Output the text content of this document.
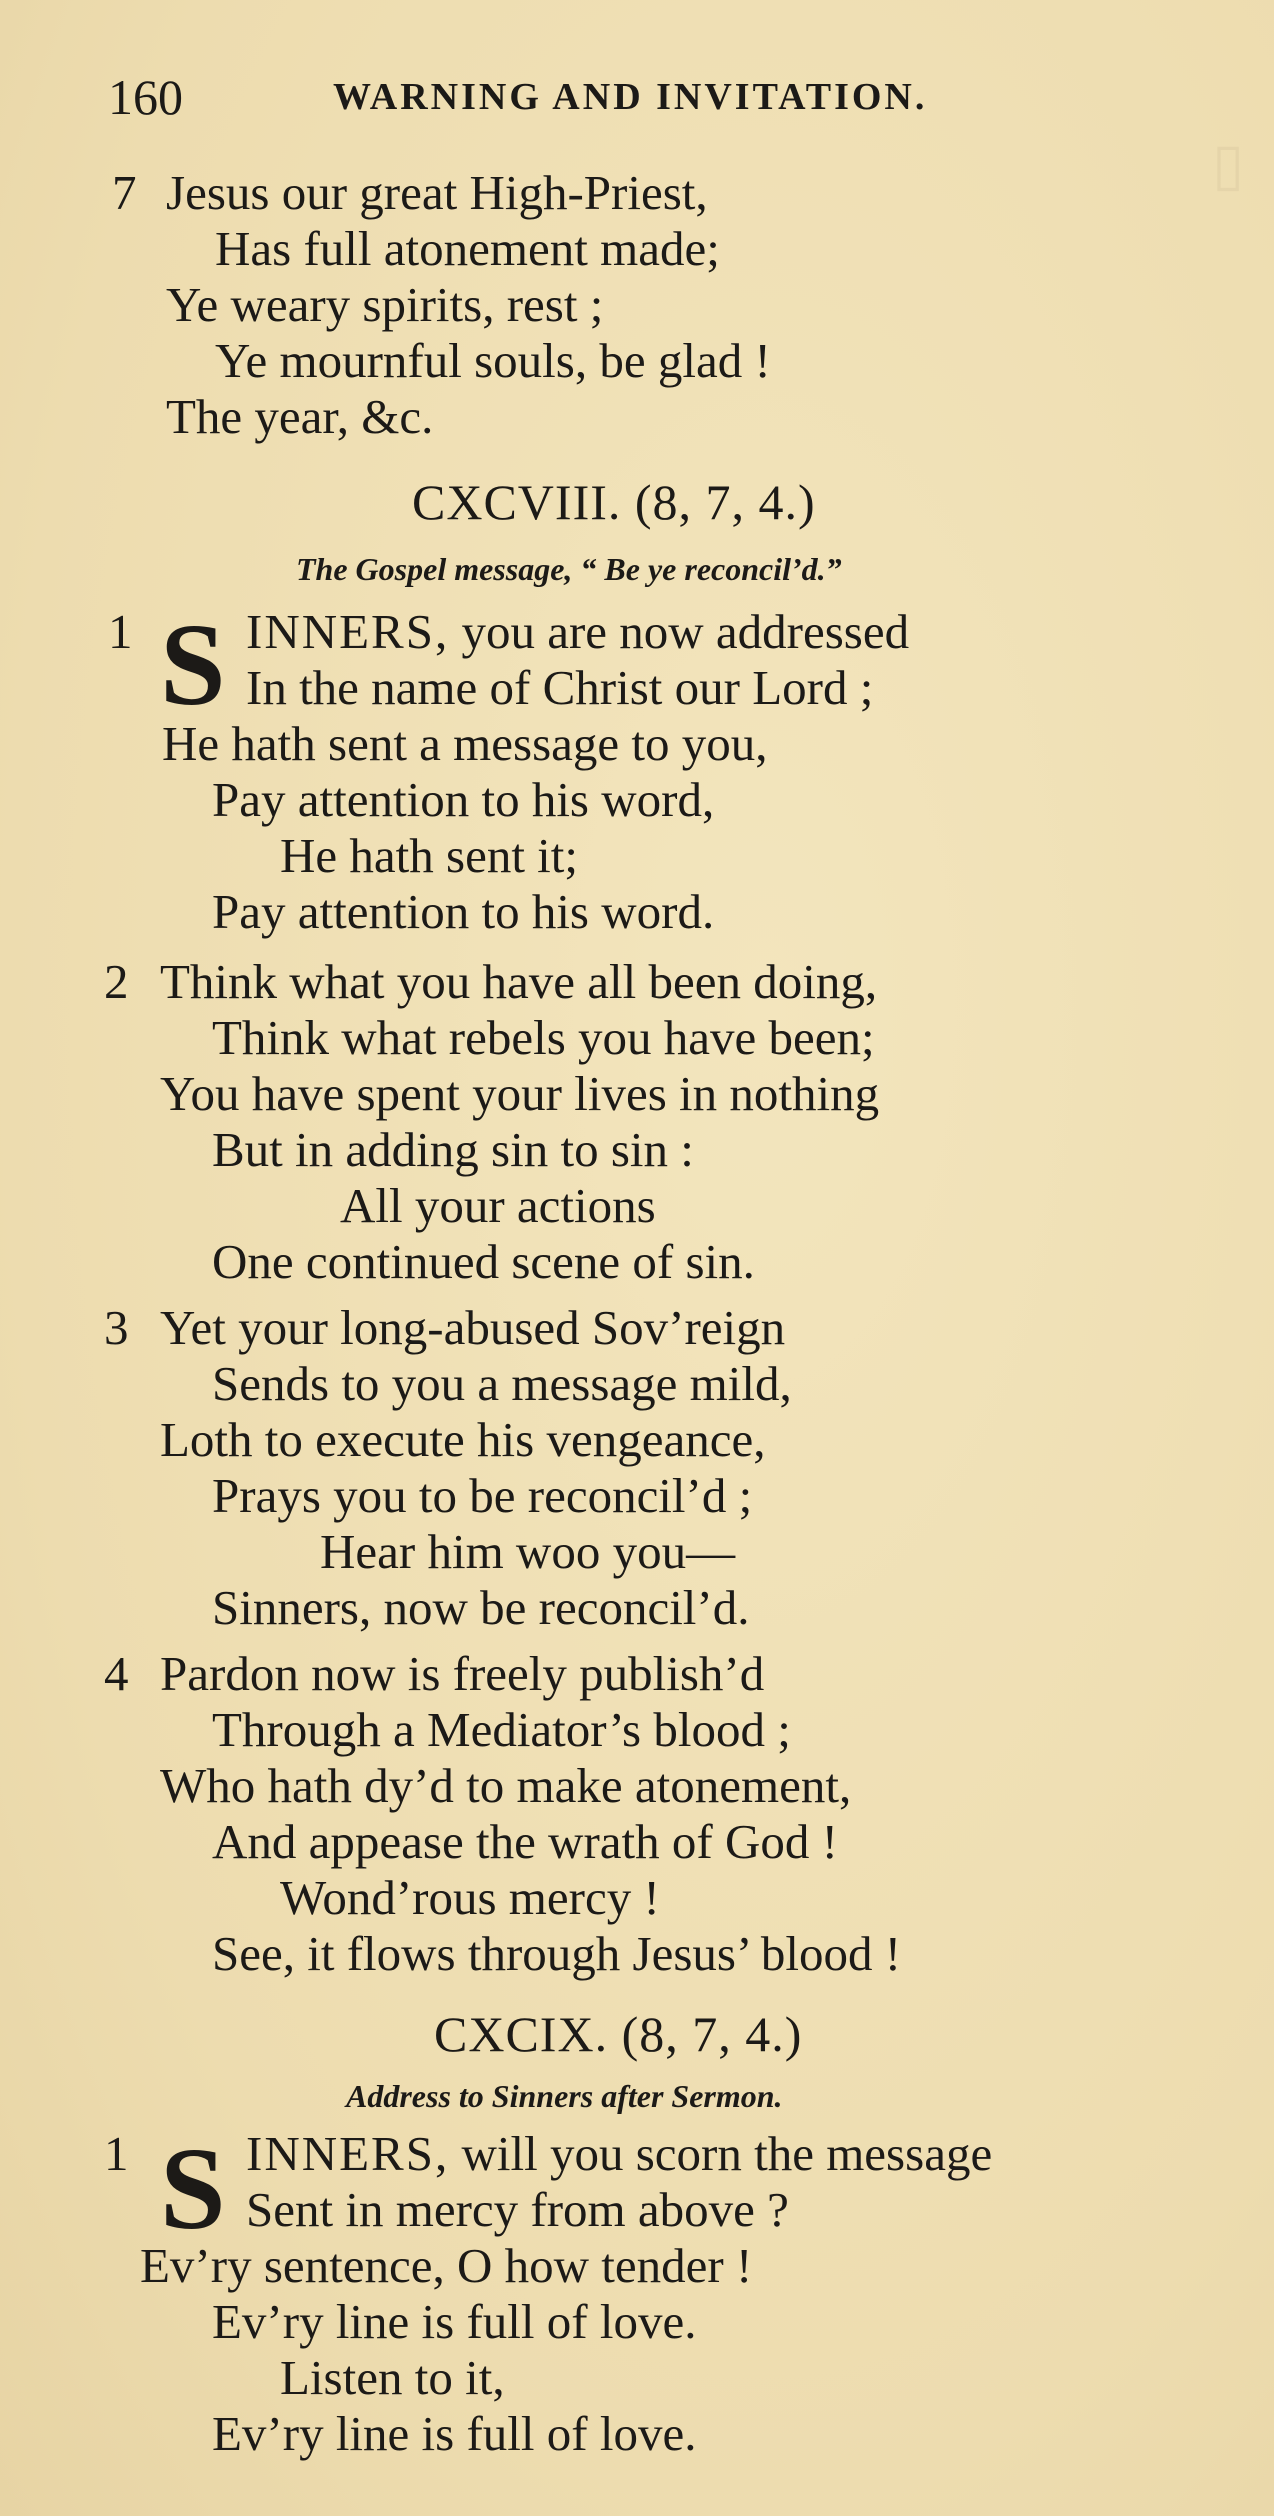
▯
160	WARNING AND INVITATION.
7 Jesus our great High-Priest,
Has full atonement made;
Ye weary spirits, rest ;
Ye mournful souls, be glad !
The year, &c.
CXCVIII. (8, 7, 4.)
The Gospel message, “ Be ye reconcil’d.”
1 S INNERS, you are now addressed
In the name of Christ our Lord ;
He hath sent a message to you,
Pay attention to his word,
He hath sent it;
Pay attention to his word.
2 Think what you have all been doing,
Think what rebels you have been;
You have spent your lives in nothing
But in adding sin to sin :
All your actions
One continued scene of sin.
3 Yet your long-abused Sov’reign
Sends to you a message mild,
Loth to execute his vengeance,
Prays you to be reconcil’d ;
Hear him woo you—
Sinners, now be reconcil’d.
4 Pardon now is freely publish’d
Through a Mediator’s blood ;
Who hath dy’d to make atonement,
And appease the wrath of God !
Wond’rous mercy !
See, it flows through Jesus’ blood !
CXCIX. (8, 7, 4.)
Address to Sinners after Sermon.
1 S INNERS, will you scorn the message
Sent in mercy from above ?
Ev’ry sentence, O how tender !
Ev’ry line is full of love.
Listen to it,
Ev’ry line is full of love.
